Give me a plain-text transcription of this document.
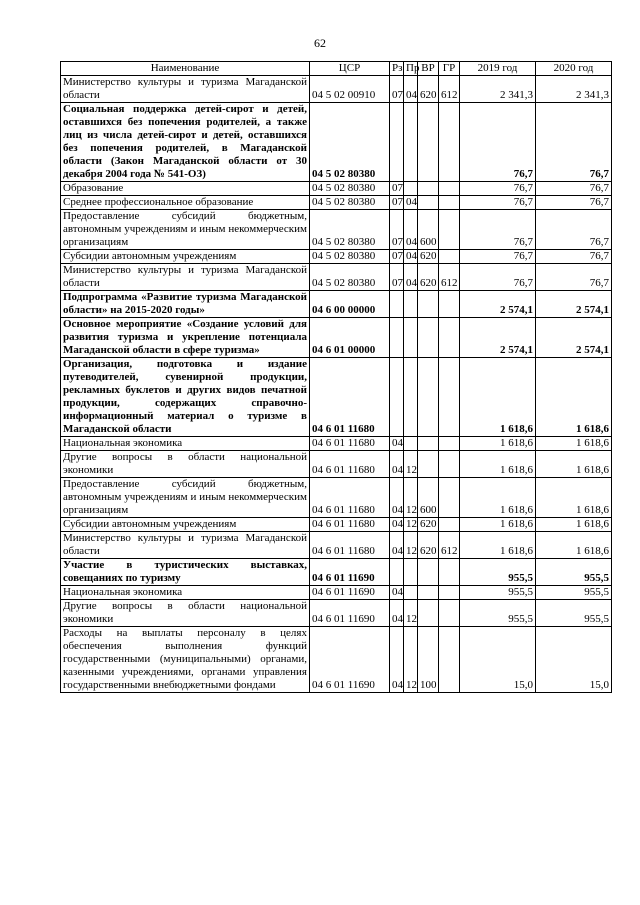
62
Наименование	ЦСР	Рз	Пр	ВР	ГР	2019 год	2020 год
Министерство культуры и туризма Магаданской области	04 5 02 00910	07	04	620	612	2 341,3	2 341,3
Социальная поддержка детей-сирот и детей, оставшихся без попечения родителей, а также лиц из числа детей-сирот и детей, оставшихся без попечения родителей, в Магаданской области (Закон Магаданской области от 30 декабря 2004 года № 541-ОЗ)	04 5 02 80380					76,7	76,7
Образование	04 5 02 80380	07				76,7	76,7
Среднее профессиональное образование	04 5 02 80380	07	04			76,7	76,7
Предоставление субсидий бюджетным, автономным учреждениям и иным некоммерческим организациям	04 5 02 80380	07	04	600		76,7	76,7
Субсидии автономным учреждениям	04 5 02 80380	07	04	620		76,7	76,7
Министерство культуры и туризма Магаданской области	04 5 02 80380	07	04	620	612	76,7	76,7
Подпрограмма «Развитие туризма Магаданской области» на 2015-2020 годы»	04 6 00 00000					2 574,1	2 574,1
Основное мероприятие «Создание условий для развития туризма и укрепление потенциала Магаданской области в сфере туризма»	04 6 01 00000					2 574,1	2 574,1
Организация, подготовка и издание путеводителей, сувенирной продукции, рекламных буклетов и других видов печатной продукции, содержащих справочно-информационный материал о туризме в Магаданской области	04 6 01 11680					1 618,6	1 618,6
Национальная экономика	04 6 01 11680	04				1 618,6	1 618,6
Другие вопросы в области национальной экономики	04 6 01 11680	04	12			1 618,6	1 618,6
Предоставление субсидий бюджетным, автономным учреждениям и иным некоммерческим организациям	04 6 01 11680	04	12	600		1 618,6	1 618,6
Субсидии автономным учреждениям	04 6 01 11680	04	12	620		1 618,6	1 618,6
Министерство культуры и туризма Магаданской области	04 6 01 11680	04	12	620	612	1 618,6	1 618,6
Участие в туристических выставках, совещаниях по туризму	04 6 01 11690					955,5	955,5
Национальная экономика	04 6 01 11690	04				955,5	955,5
Другие вопросы в области национальной экономики	04 6 01 11690	04	12			955,5	955,5
Расходы на выплаты персоналу в целях обеспечения выполнения функций государственными (муниципальными) органами, казенными учреждениями, органами управления государственными внебюджетными фондами	04 6 01 11690	04	12	100		15,0	15,0
